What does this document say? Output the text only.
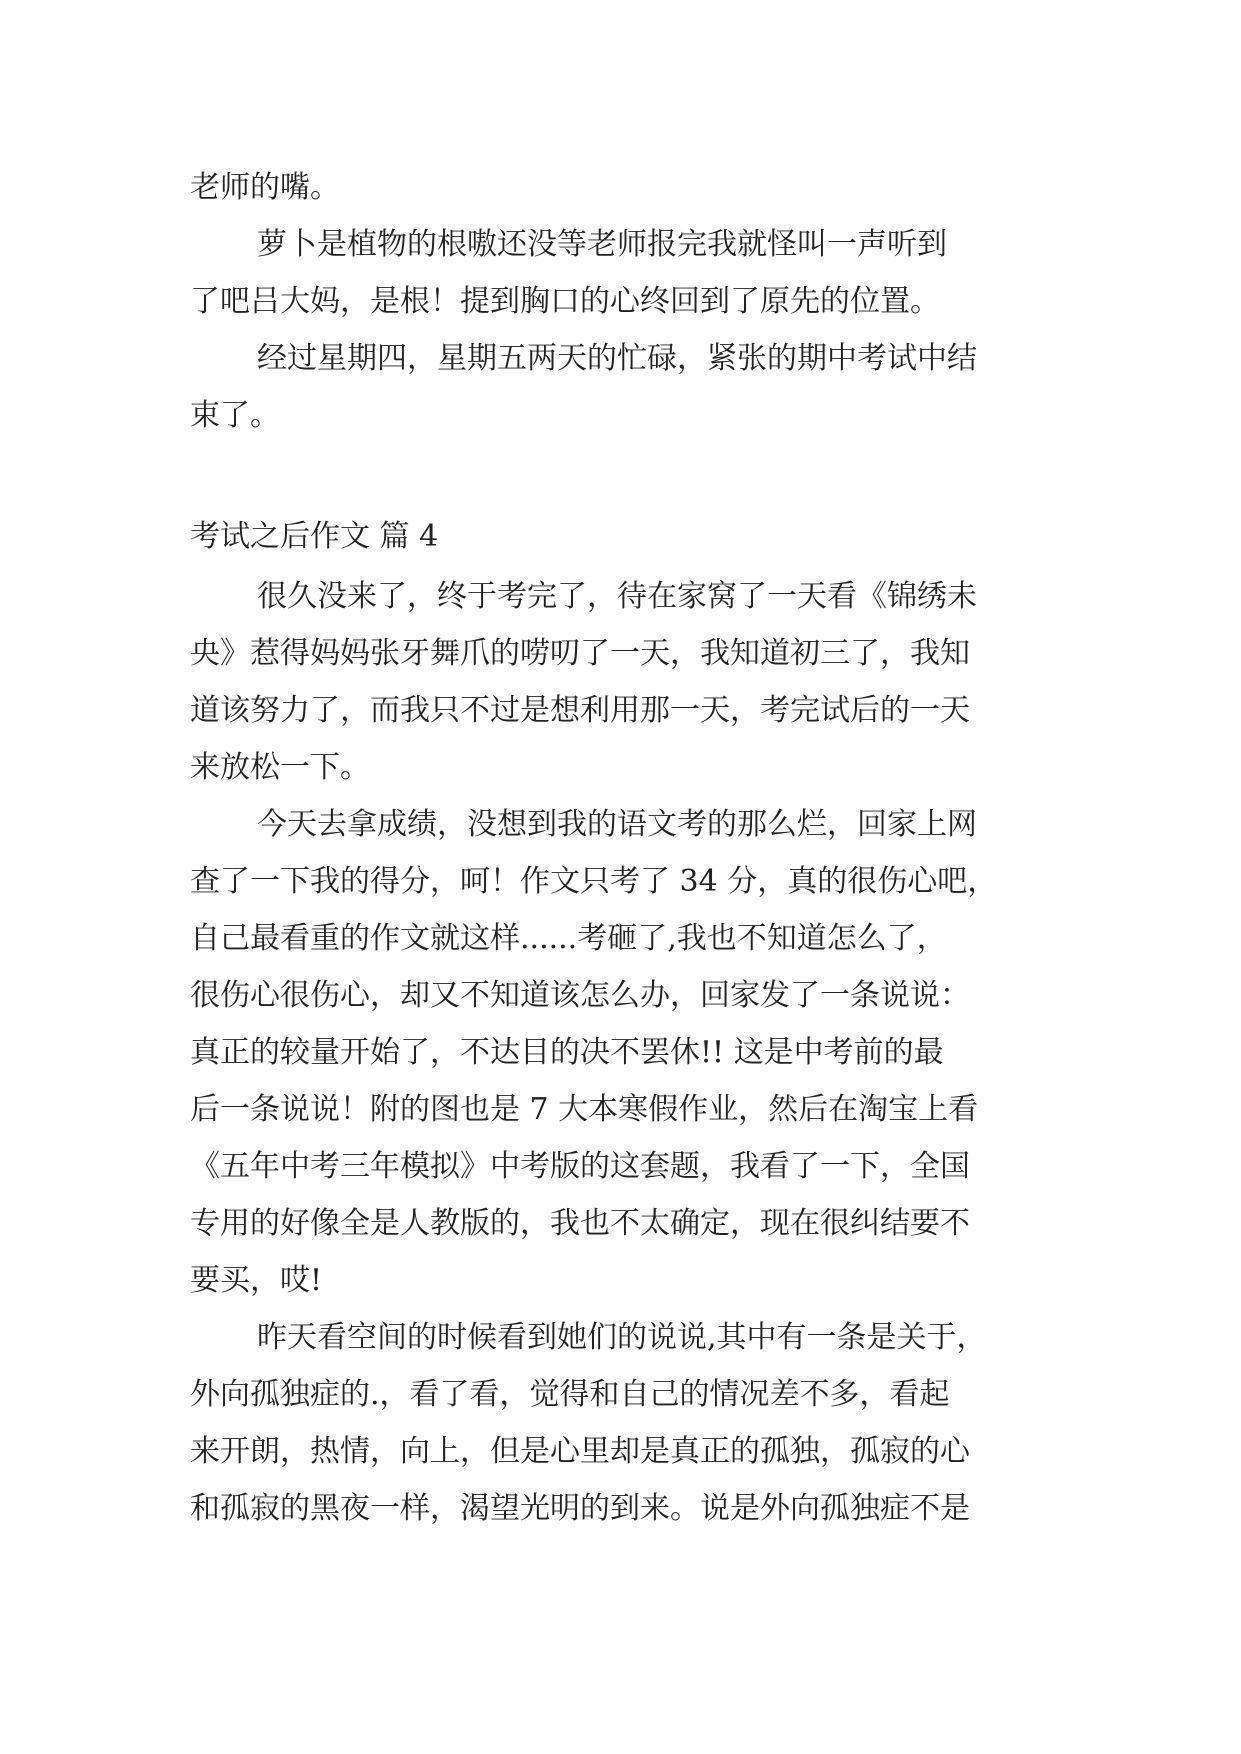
老师的嘴。
萝卜是植物的根嗷还没等老师报完我就怪叫一声听到
了吧吕大妈，是根！提到胸口的心终回到了原先的位置。
经过星期四，星期五两天的忙碌，紧张的期中考试中结
束了。
考试之后作文 篇 4
很久没来了，终于考完了，待在家窝了一天看《锦绣未
央》惹得妈妈张牙舞爪的唠叨了一天，我知道初三了，我知
道该努力了，而我只不过是想利用那一天，考完试后的一天
来放松一下。
今天去拿成绩，没想到我的语文考的那么烂，回家上网
查了一下我的得分，呵！作文只考了 34 分，真的很伤心吧，
自己最看重的作文就这样......考砸了,我也不知道怎么了，
很伤心很伤心，却又不知道该怎么办，回家发了一条说说：
真正的较量开始了，不达目的决不罢休!! 这是中考前的最
后一条说说！附的图也是 7 大本寒假作业，然后在淘宝上看
《五年中考三年模拟》中考版的这套题，我看了一下，全国
专用的好像全是人教版的，我也不太确定，现在很纠结要不
要买，哎!
昨天看空间的时候看到她们的说说,其中有一条是关于，
外向孤独症的.，看了看，觉得和自己的情况差不多，看起
来开朗，热情，向上，但是心里却是真正的孤独，孤寂的心
和孤寂的黑夜一样，渴望光明的到来。说是外向孤独症不是
